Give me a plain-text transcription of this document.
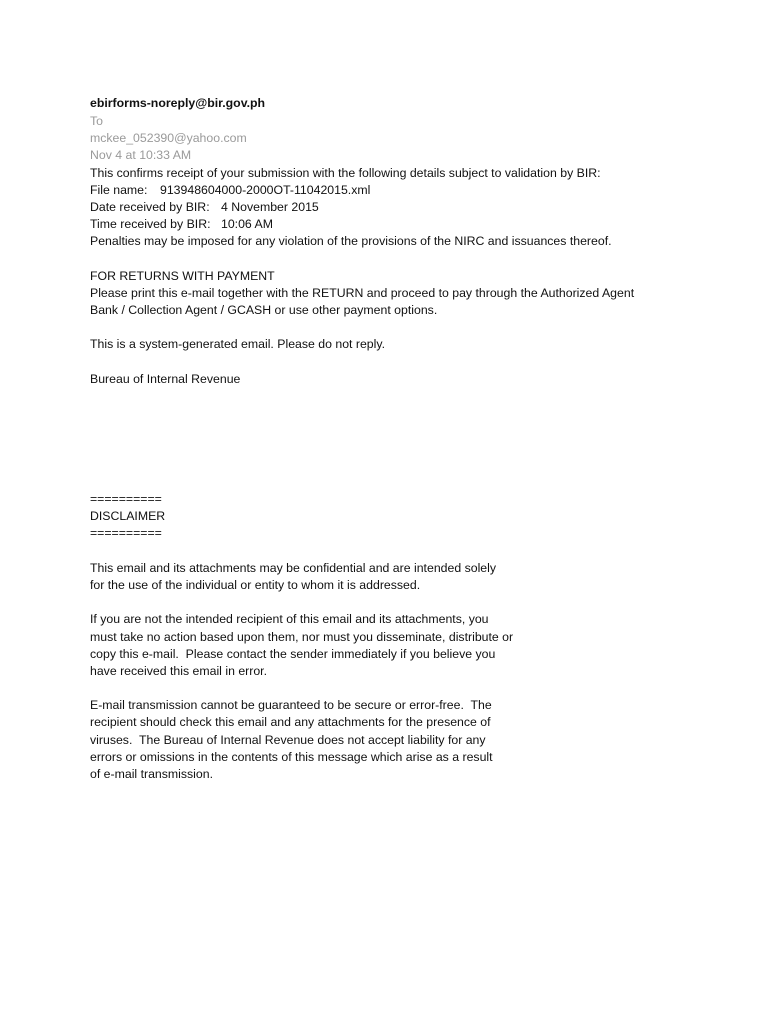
ebirforms-noreply@bir.gov.ph
To
mckee_052390@yahoo.com
Nov 4 at 10:33 AM
This confirms receipt of your submission with the following details subject to validation by BIR:
File name: 913948604000-2000OT-11042015.xml
Date received by BIR: 4 November 2015
Time received by BIR: 10:06 AM
Penalties may be imposed for any violation of the provisions of the NIRC and issuances thereof.
FOR RETURNS WITH PAYMENT
Please print this e-mail together with the RETURN and proceed to pay through the Authorized Agent
Bank / Collection Agent / GCASH or use other payment options.
This is a system-generated email. Please do not reply.
Bureau of Internal Revenue
==========
DISCLAIMER
==========
This email and its attachments may be confidential and are intended solely
for the use of the individual or entity to whom it is addressed.
If you are not the intended recipient of this email and its attachments, you
must take no action based upon them, nor must you disseminate, distribute or
copy this e-mail.  Please contact the sender immediately if you believe you
have received this email in error.
E-mail transmission cannot be guaranteed to be secure or error-free.  The
recipient should check this email and any attachments for the presence of
viruses.  The Bureau of Internal Revenue does not accept liability for any
errors or omissions in the contents of this message which arise as a result
of e-mail transmission.
